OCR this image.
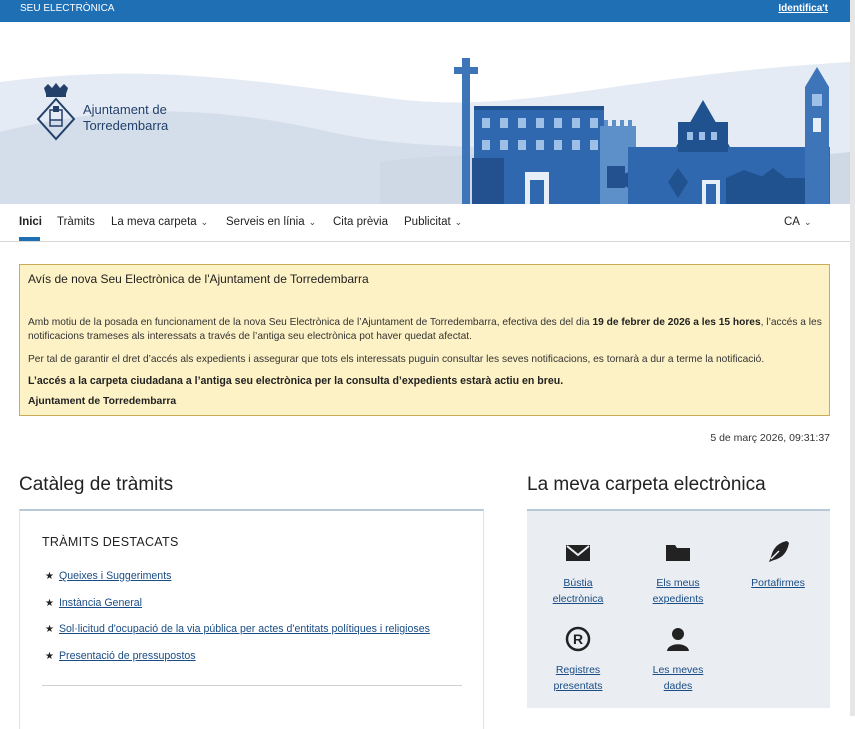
SEU ELECTRÒNICA	Identifica't
Ajuntament de
Torredembarra
Inici Tràmits La meva carpeta ⌄ Serveis en línia ⌄ Cita prèvia Publicitat ⌄	CA ⌄
Avís de nova Seu Electrònica de l'Ajuntament de Torredembarra

Amb motiu de la posada en funcionament de la nova Seu Electrònica de l’Ajuntament de Torredembarra, efectiva des del dia 19 de febrer de 2026 a les 15 hores, l’accés a les notificacions trameses als interessats a través de l’antiga seu electrònica pot haver quedat afectat.

Per tal de garantir el dret d’accés als expedients i assegurar que tots els interessats puguin consultar les seves notificacions, es tornarà a dur a terme la notificació.

L’accés a la carpeta ciudadana a l’antiga seu electrònica per la consulta d’expedients estarà actiu en breu.

Ajuntament de Torredembarra

5 de març 2026, 09:31:37
Catàleg de tràmits	La meva carpeta electrònica
TRÀMITS DESTACATS
★ Queixes i Suggeriments
★ Instància General
★ Sol·licitud d'ocupació de la via pública per actes d'entitats polítiques i religioses
★ Presentació de pressupostos
Bústia
electrònica
Els meus
expedients
Portafirmes
R
Registres
presentats
Les meves
dades
